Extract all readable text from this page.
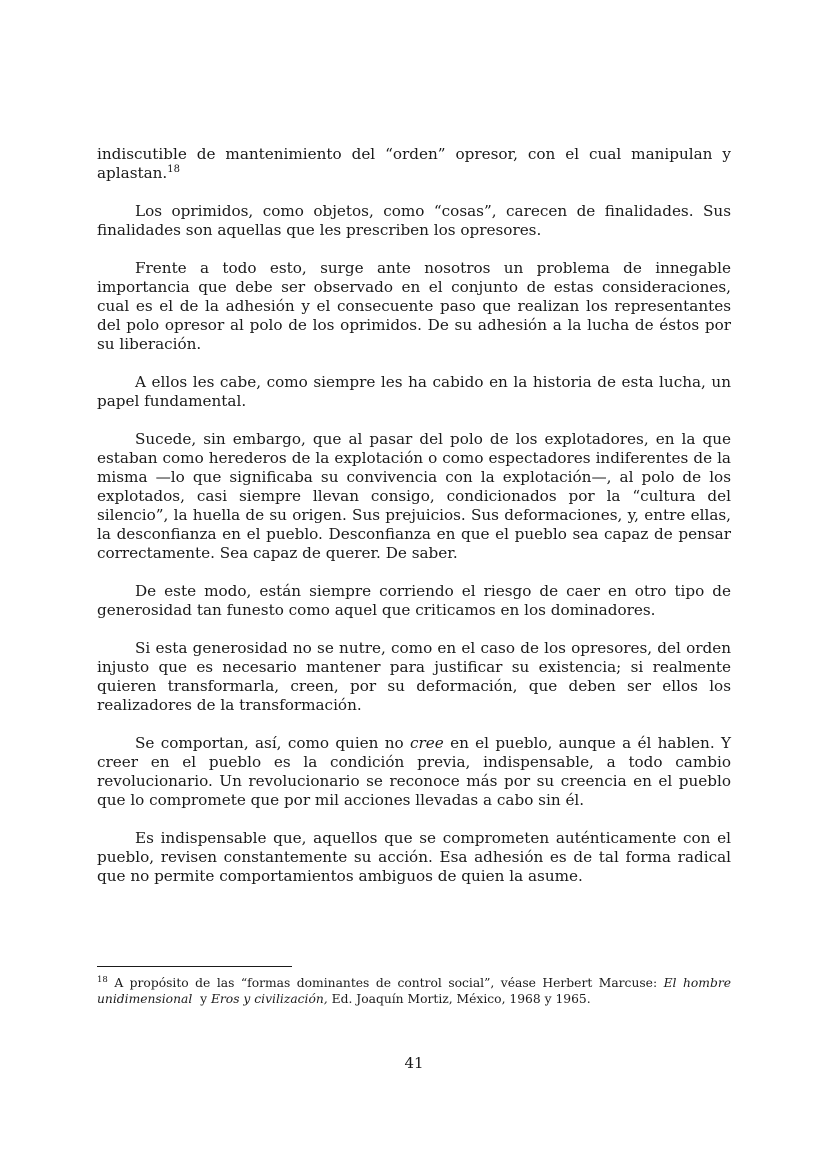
indiscutible de mantenimiento del “orden” opresor, con el cual manipulan y aplastan.$^{18}$

Los oprimidos, como objetos, como “cosas”, carecen de finalidades. Sus finalidades son aquellas que les prescriben los opresores.

Frente a todo esto, surge ante nosotros un problema de innegable importancia que debe ser observado en el conjunto de estas consideraciones, cual es el de la adhesión y el consecuente paso que realizan los representantes del polo opresor al polo de los oprimidos. De su adhesión a la lucha de éstos por su liberación.

A ellos les cabe, como siempre les ha cabido en la historia de esta lucha, un papel fundamental.

Sucede, sin embargo, que al pasar del polo de los explotadores, en la que estaban como herederos de la explotación o como espectadores indiferentes de la misma —lo que significaba su convivencia con la explotación—, al polo de los explotados, casi siempre llevan consigo, condicionados por la “cultura del silencio”, la huella de su origen. Sus prejuicios. Sus deformaciones, y, entre ellas, la desconfianza en el pueblo. Desconfianza en que el pueblo sea capaz de pensar correctamente. Sea capaz de querer. De saber.

De este modo, están siempre corriendo el riesgo de caer en otro tipo de generosidad tan funesto como aquel que criticamos en los dominadores.

Si esta generosidad no se nutre, como en el caso de los opresores, del orden injusto que es necesario mantener para justificar su existencia; si realmente quieren transformarla, creen, por su deformación, que deben ser ellos los realizadores de la transformación.

Se comportan, así, como quien no cree en el pueblo, aunque a él hablen. Y creer en el pueblo es la condición previa, indispensable, a todo cambio revolucionario. Un revolucionario se reconoce más por su creencia en el pueblo que lo compromete que por mil acciones llevadas a cabo sin él.

Es indispensable que, aquellos que se comprometen auténticamente con el pueblo, revisen constantemente su acción. Esa adhesión es de tal forma radical que no permite comportamientos ambiguos de quien la asume.

$^{18}$ A propósito de las “formas dominantes de control social”, véase Herbert Marcuse: El hombre unidimensional  y Eros y civilización, Ed. Joaquín Mortiz, México, 1968 y 1965.

41
